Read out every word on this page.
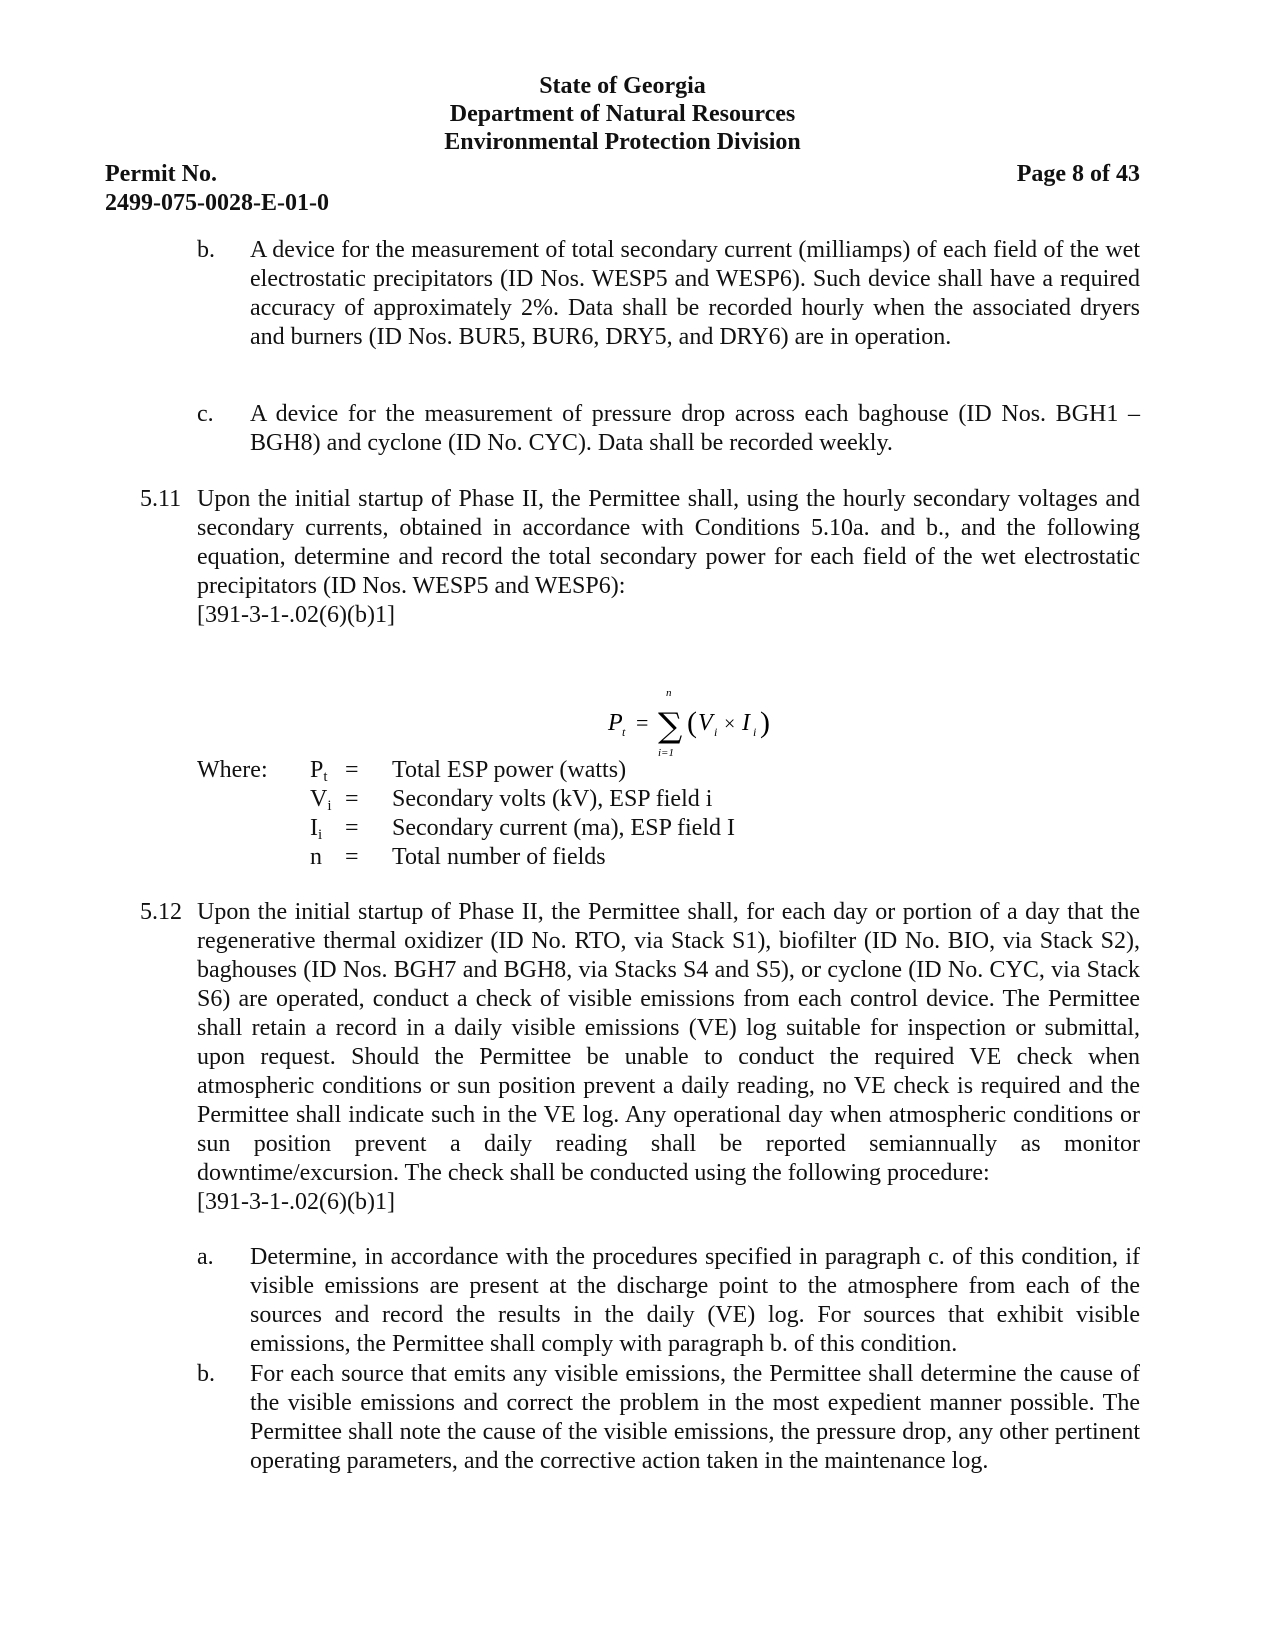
State of Georgia
Department of Natural Resources
Environmental Protection Division
Permit No.
2499-075-0028-E-01-0
Page 8 of 43
b. A device for the measurement of total secondary current (milliamps) of each field of the wet electrostatic precipitators (ID Nos. WESP5 and WESP6). Such device shall have a required accuracy of approximately 2%. Data shall be recorded hourly when the associated dryers and burners (ID Nos. BUR5, BUR6, DRY5, and DRY6) are in operation.
c. A device for the measurement of pressure drop across each baghouse (ID Nos. BGH1 – BGH8) and cyclone (ID No. CYC). Data shall be recorded weekly.
5.11 Upon the initial startup of Phase II, the Permittee shall, using the hourly secondary voltages and secondary currents, obtained in accordance with Conditions 5.10a. and b., and the following equation, determine and record the total secondary power for each field of the wet electrostatic precipitators (ID Nos. WESP5 and WESP6):
[391-3-1-.02(6)(b)1]
P t = ∑
n
i=1
( V i × I i )
Where: $P_t$ =	Total ESP power (watts)
$V_i$ =	Secondary volts (kV), ESP field i
$I_i$ =	Secondary current (ma), ESP field I
n =	Total number of fields
5.12 Upon the initial startup of Phase II, the Permittee shall, for each day or portion of a day that the regenerative thermal oxidizer (ID No. RTO, via Stack S1), biofilter (ID No. BIO, via Stack S2), baghouses (ID Nos. BGH7 and BGH8, via Stacks S4 and S5), or cyclone (ID No. CYC, via Stack S6) are operated, conduct a check of visible emissions from each control device. The Permittee shall retain a record in a daily visible emissions (VE) log suitable for inspection or submittal, upon request. Should the Permittee be unable to conduct the required VE check when atmospheric conditions or sun position prevent a daily reading, no VE check is required and the Permittee shall indicate such in the VE log. Any operational day when atmospheric conditions or sun position prevent a daily reading shall be reported semiannually as monitor downtime/excursion. The check shall be conducted using the following procedure:
[391-3-1-.02(6)(b)1]
a. Determine, in accordance with the procedures specified in paragraph c. of this condition, if visible emissions are present at the discharge point to the atmosphere from each of the sources and record the results in the daily (VE) log. For sources that exhibit visible emissions, the Permittee shall comply with paragraph b. of this condition.
b. For each source that emits any visible emissions, the Permittee shall determine the cause of the visible emissions and correct the problem in the most expedient manner possible. The Permittee shall note the cause of the visible emissions, the pressure drop, any other pertinent operating parameters, and the corrective action taken in the maintenance log.
